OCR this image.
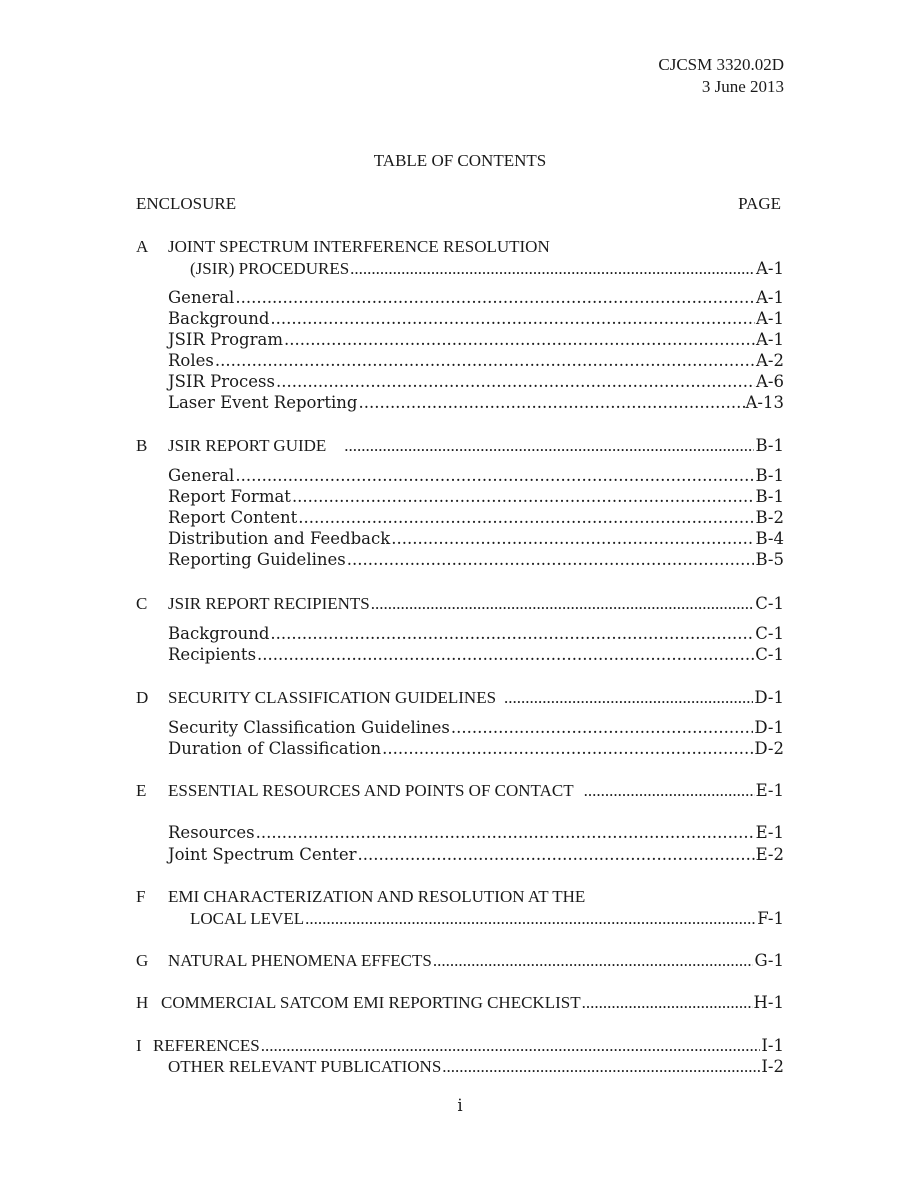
CJCSM 3320.02D
3 June 2013
TABLE OF CONTENTS
ENCLOSURE	PAGE
A JOINT SPECTRUM INTERFERENCE RESOLUTION
(JSIR) PROCEDURES .....	A-1
General .....	A-1
Background .....	A-1
JSIR Program .....	A-1
Roles .....	A-2
JSIR Process .....	A-6
Laser Event Reporting .....	A-13
B JSIR REPORT GUIDE .....	B-1
General .....	B-1
Report Format .....	B-1
Report Content .....	B-2
Distribution and Feedback .....	B-4
Reporting Guidelines .....	B-5
C JSIR REPORT RECIPIENTS .....	C-1
Background .....	C-1
Recipients .....	C-1
D SECURITY CLASSIFICATION GUIDELINES .....	D-1
Security Classification Guidelines .....	D-1
Duration of Classification .....	D-2
E ESSENTIAL RESOURCES AND POINTS OF CONTACT .....	E-1
Resources .....	E-1
Joint Spectrum Center .....	E-2
F EMI CHARACTERIZATION AND RESOLUTION AT THE
LOCAL LEVEL .....	F-1
G NATURAL PHENOMENA EFFECTS .....	G-1
H COMMERCIAL SATCOM EMI REPORTING CHECKLIST .....	H-1
I REFERENCES .....	I-1
OTHER RELEVANT PUBLICATIONS .....	I-2
i
